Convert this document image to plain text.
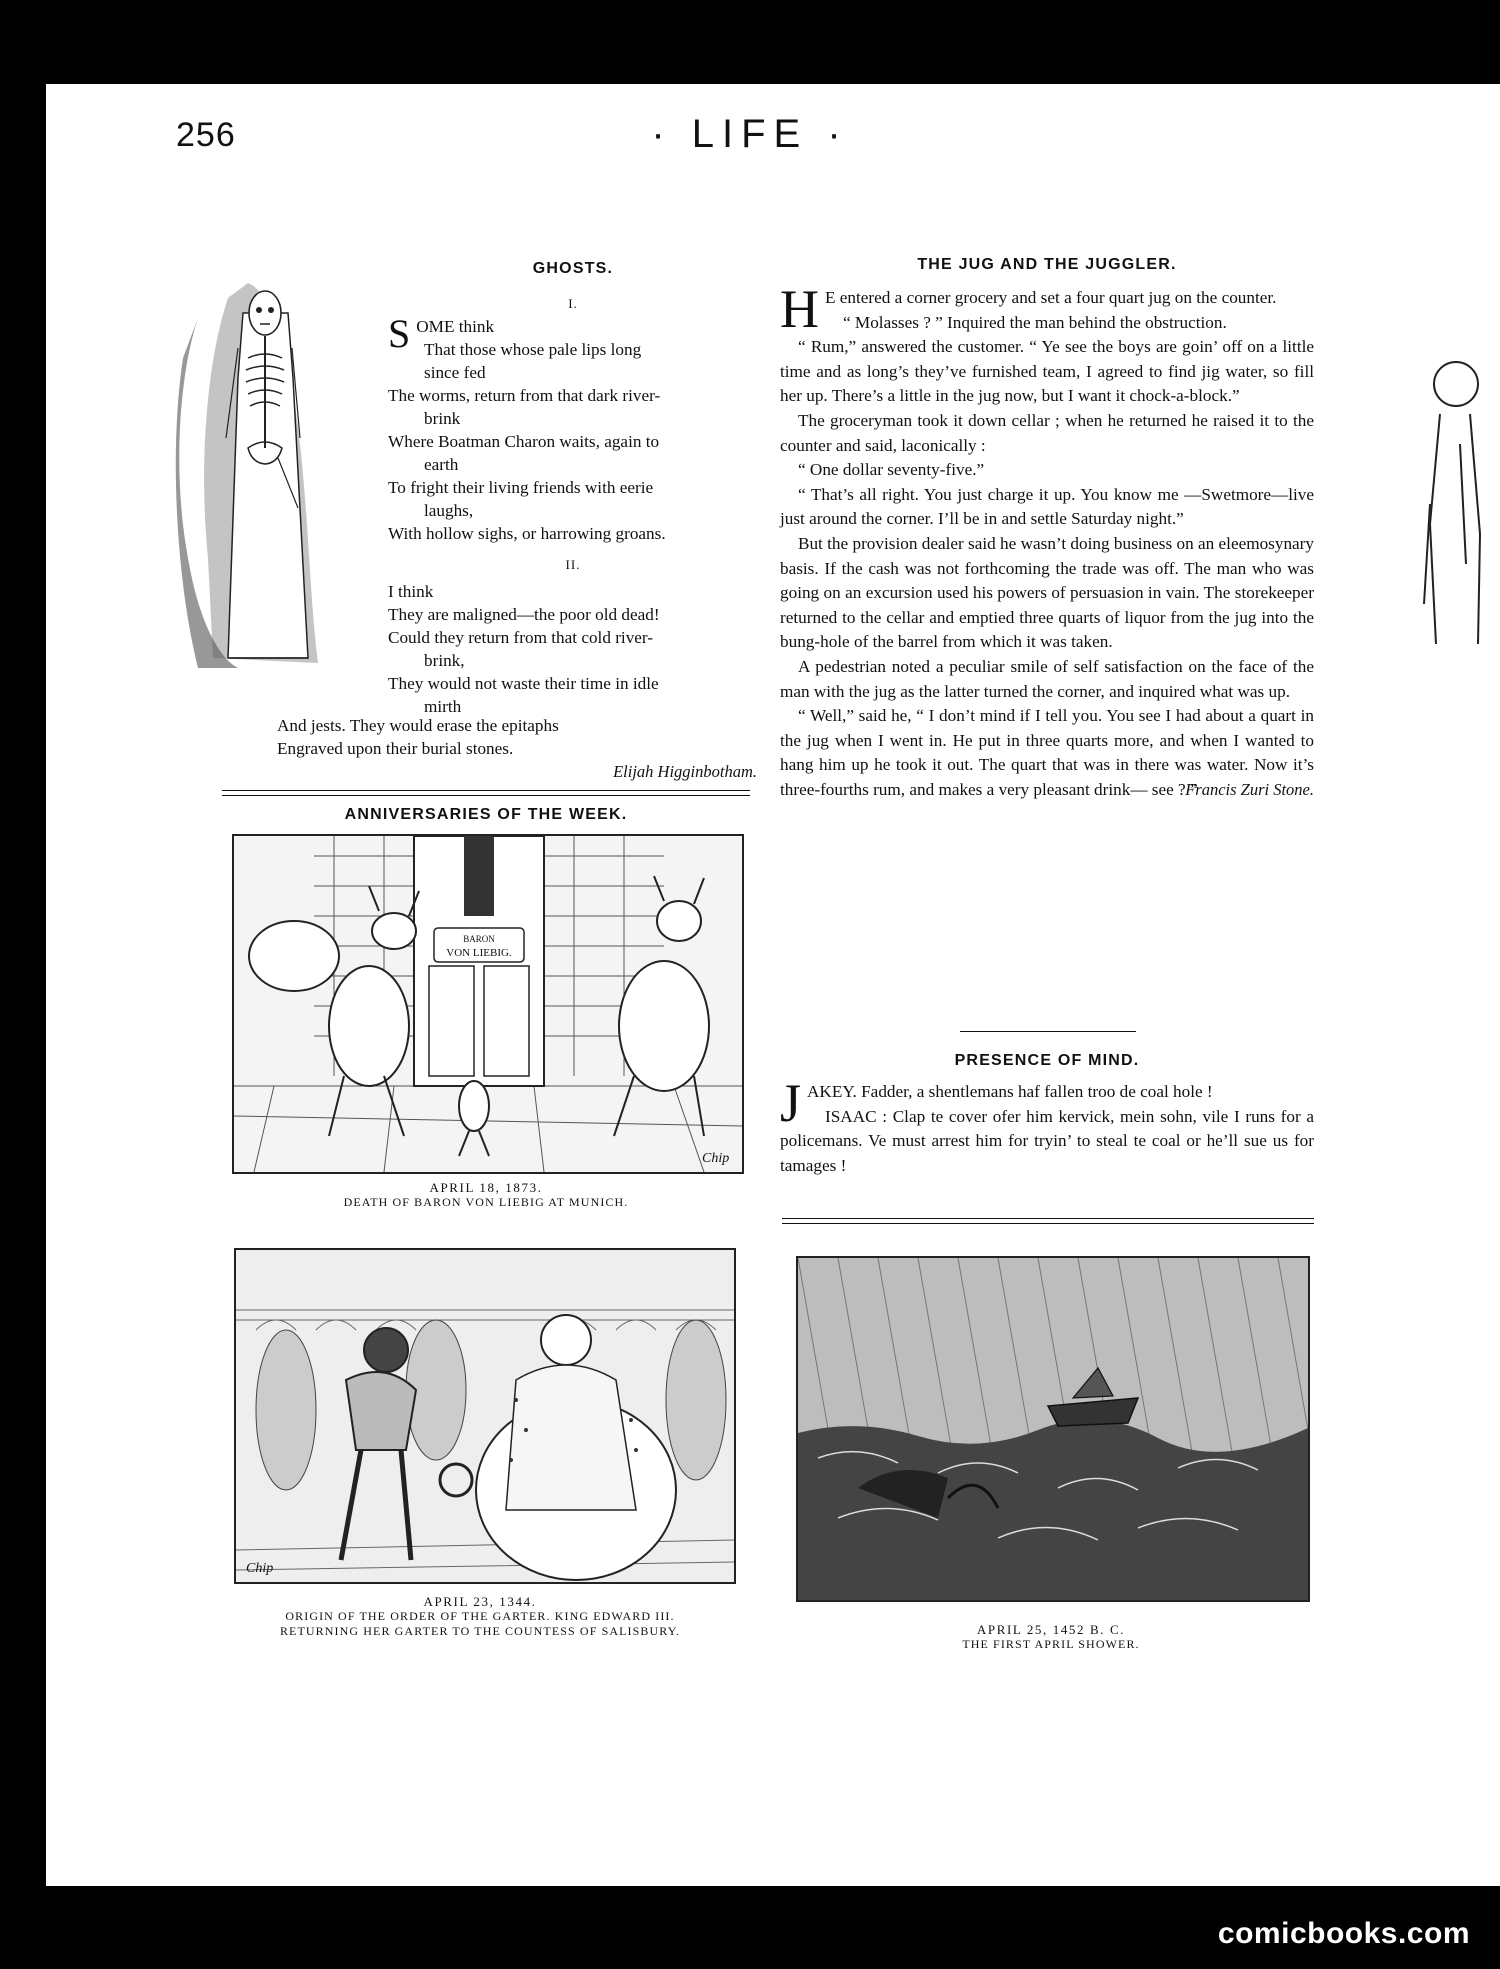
256	· LIFE ·
GHOSTS.
I.
S OME think
That those whose pale lips long
since fed
The worms, return from that dark river-
brink
Where Boatman Charon waits, again to
earth
To fright their living friends with eerie
laughs,
With hollow sighs, or harrowing groans.
II.
I think
They are maligned—the poor old dead!
Could they return from that cold river-
brink,
They would not waste their time in idle
mirth
And jests. They would erase the epitaphs
Engraved upon their burial stones.
Elijah Higginbotham.
THE JUG AND THE JUGGLER.

H E entered a corner grocery and set a four quart jug on the counter.

“ Molasses ? ” Inquired the man behind the obstruction.

“ Rum,” answered the customer. “ Ye see the boys are goin’ off on a little time and as long’s they’ve furnished team, I agreed to find jig water, so fill her up. There’s a little in the jug now, but I want it chock-a-block.”

The groceryman took it down cellar ; when he returned he raised it to the counter and said, laconically :

“ One dollar seventy-five.”

“ That’s all right. You just charge it up. You know me —Swetmore—live just around the corner. I’ll be in and settle Saturday night.”

But the provision dealer said he wasn’t doing business on an eleemosynary basis. If the cash was not forthcoming the trade was off. The man who was going on an excursion used his powers of persuasion in vain. The storekeeper returned to the cellar and emptied three quarts of liquor from the jug into the bung-hole of the barrel from which it was taken.

A pedestrian noted a peculiar smile of self satisfaction on the face of the man with the jug as the latter turned the corner, and inquired what was up.

“ Well,” said he, “ I don’t mind if I tell you. You see I had about a quart in the jug when I went in. He put in three quarts more, and when I wanted to hang him up he took it out. The quart that was in there was water. Now it’s three-fourths rum, and makes a very pleasant drink— see ? ”

Francis Zuri Stone.
PRESENCE OF MIND.

JAKEY. Fadder, a shentlemans haf fallen troo de coal hole !

ISAAC : Clap te cover ofer him kervick, mein sohn, vile I runs for a policemans. Ve must arrest him for tryin’ to steal te coal or he’ll sue us for tamages !

ANNIVERSARIES OF THE WEEK.
BARON
VON LIEBIG.
Chip
APRIL 18, 1873.
DEATH OF BARON VON LIEBIG AT MUNICH.
Chip
APRIL 23, 1344.
ORIGIN OF THE ORDER OF THE GARTER. KING EDWARD III.
RETURNING HER GARTER TO THE COUNTESS OF SALISBURY.	APRIL 25, 1452 B. C.
THE FIRST APRIL SHOWER.
comicbooks.com
